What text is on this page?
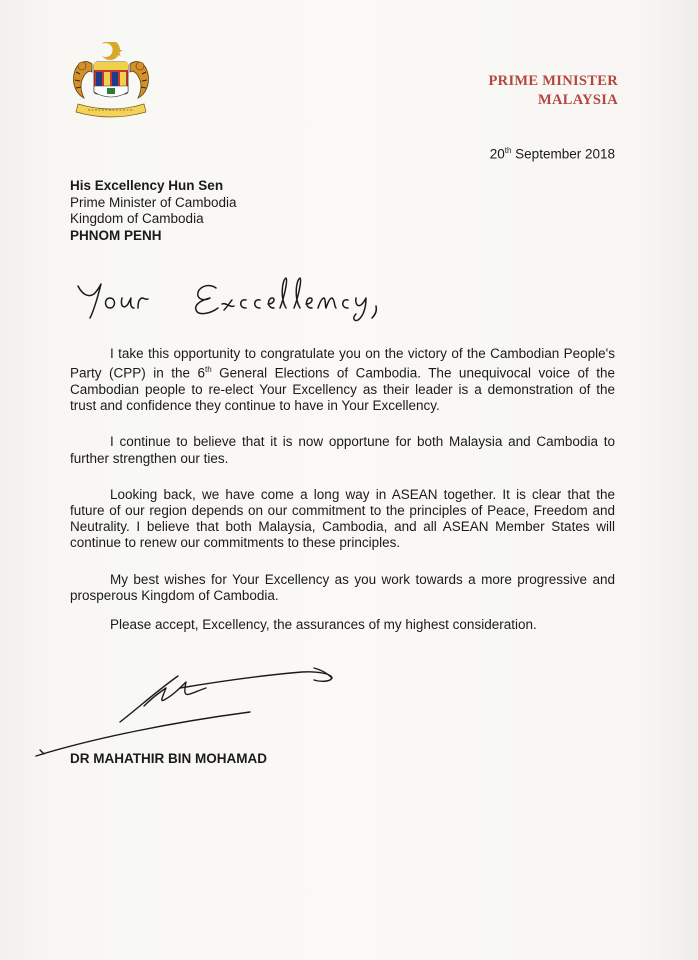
PRIME MINISTER
MALAYSIA
20th September 2018
His Excellency Hun Sen
Prime Minister of Cambodia
Kingdom of Cambodia
PHNOM PENH

I take this opportunity to congratulate you on the victory of the Cambodian People's Party (CPP) in the 6th General Elections of Cambodia. The unequivocal voice of the Cambodian people to re-elect Your Excellency as their leader is a demonstration of the trust and confidence they continue to have in Your Excellency.

I continue to believe that it is now opportune for both Malaysia and Cambodia to further strengthen our ties.

Looking back, we have come a long way in ASEAN together. It is clear that the future of our region depends on our commitment to the principles of Peace, Freedom and Neutrality. I believe that both Malaysia, Cambodia, and all ASEAN Member States will continue to renew our commitments to these principles.

My best wishes for Your Excellency as you work towards a more progressive and prosperous Kingdom of Cambodia.

Please accept, Excellency, the assurances of my highest consideration.

DR MAHATHIR BIN MOHAMAD
